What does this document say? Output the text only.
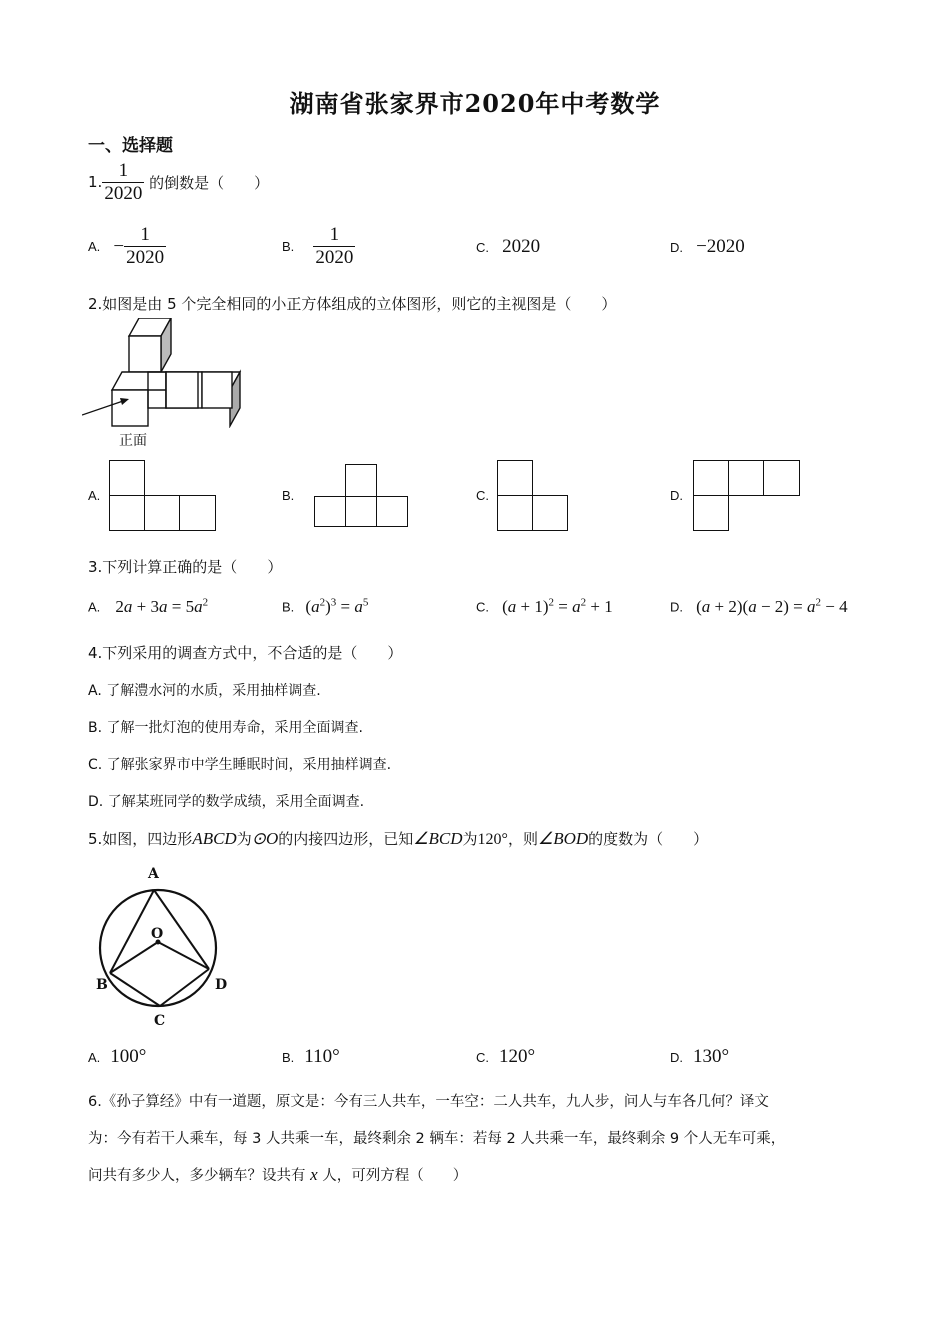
湖南省张家界市2020年中考数学
一、选择题
1. $\frac{1}{2020}$ 的倒数是（　　）
A. − $\frac{1}{2020}$	B. $\frac{1}{2020}$	C. 2020	D. −2020
2.如图是由 5 个完全相同的小正方体组成的立体图形，则它的主视图是（　　）
正面
A.	B.	C.	D.
3.下列计算正确的是（　　）
A. $2a + 3a = 5a^2$	B. $(a^2)^3 = a^5$	C. $(a + 1)^2 = a^2 + 1$	D. $(a + 2)(a - 2) = a^2 - 4$
4.下列采用的调查方式中，不合适的是（　　）
A. 了解澧水河的水质，采用抽样调查.
B. 了解一批灯泡的使用寿命，采用全面调查.
C. 了解张家界市中学生睡眠时间，采用抽样调查.
D. 了解某班同学的数学成绩，采用全面调查.
5.如图，四边形ABCD为⊙O的内接四边形，已知∠BCD为120°，则∠BOD的度数为（　　）
A
O
B
C
D
A. 100°	B. 110°	C. 120°	D. 130°
6.《孙子算经》中有一道题，原文是：今有三人共车，一车空：二人共车，九人步，问人与车各几何？译文
为：今有若干人乘车，每 3 人共乘一车，最终剩余 2 辆车：若每 2 人共乘一车，最终剩余 9 个人无车可乘，
问共有多少人，多少辆车？设共有 x 人，可列方程（　　）
